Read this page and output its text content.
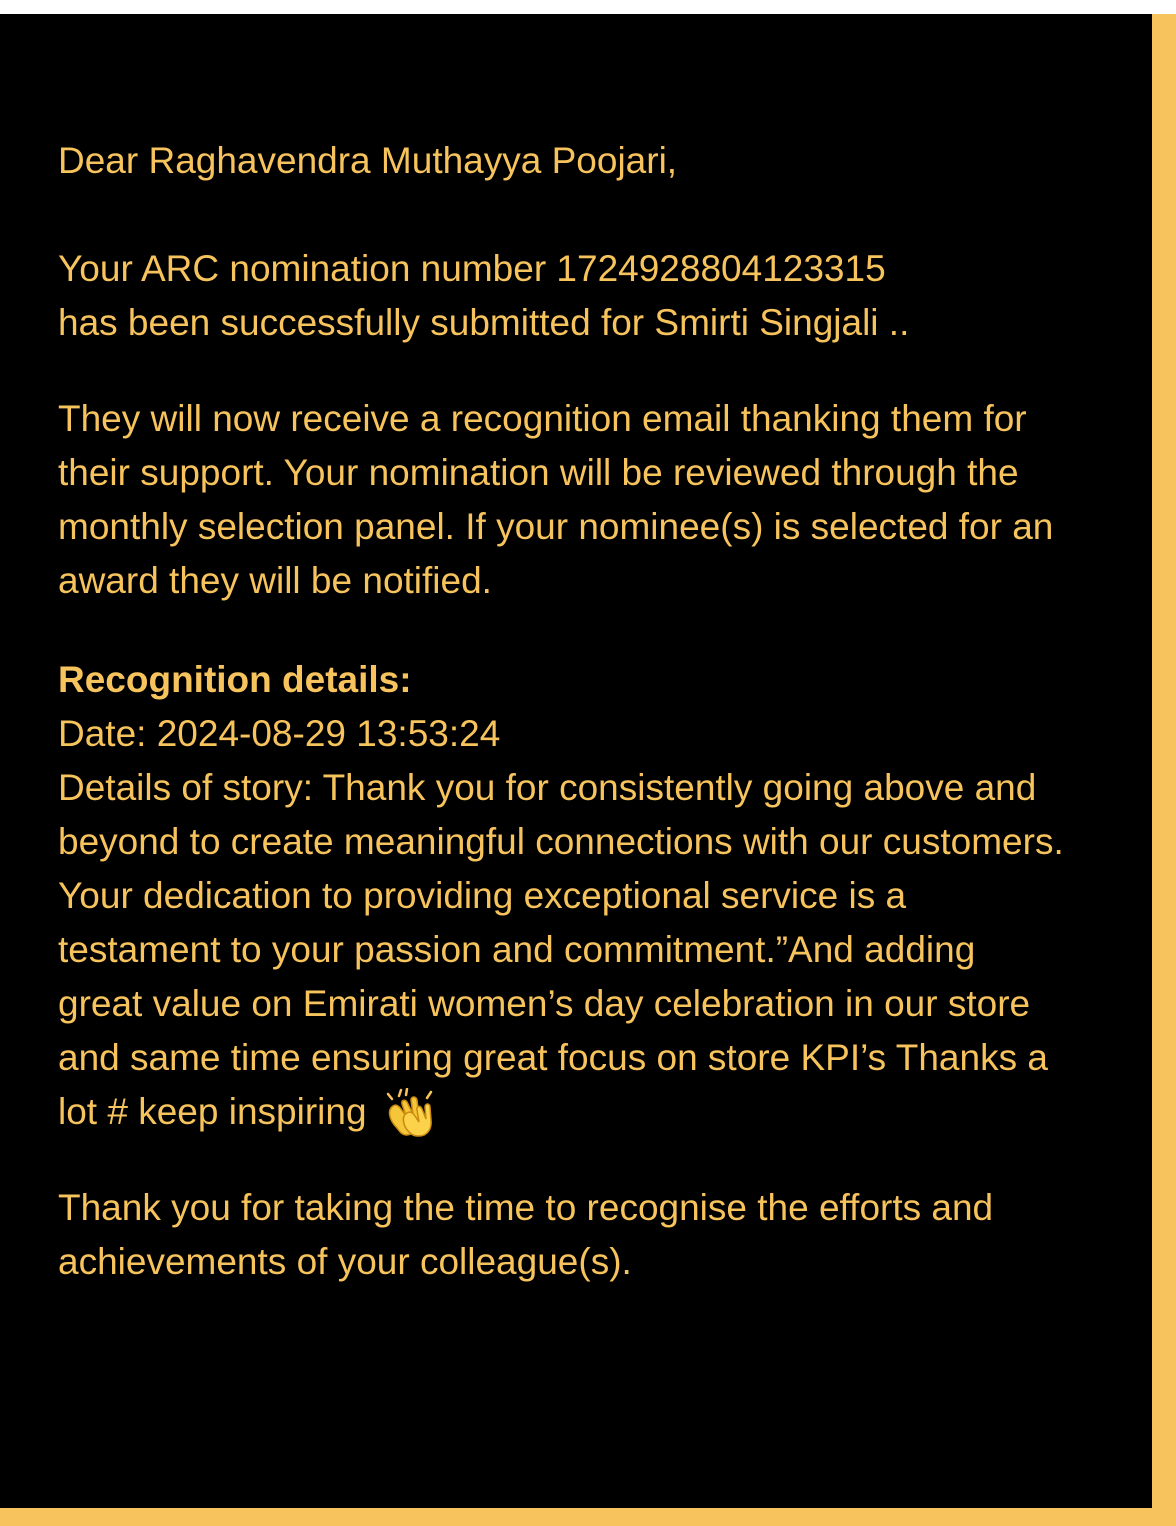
Dear Raghavendra Muthayya Poojari,

Your ARC nomination number 1724928804123315
has been successfully submitted for Smirti Singjali ..

They will now receive a recognition email thanking them for their support. Your nomination will be reviewed through the monthly selection panel. If your nominee(s) is selected for an award they will be notified.

Recognition details:
Date: 2024-08-29 13:53:24
Details of story: Thank you for consistently going above and beyond to create meaningful connections with our customers. Your dedication to providing exceptional service is a testament to your passion and commitment.”And adding great value on Emirati women’s day celebration in our store and same time ensuring great focus on store KPI’s Thanks a lot # keep inspiring

Thank you for taking the time to recognise the efforts and achievements of your colleague(s).
